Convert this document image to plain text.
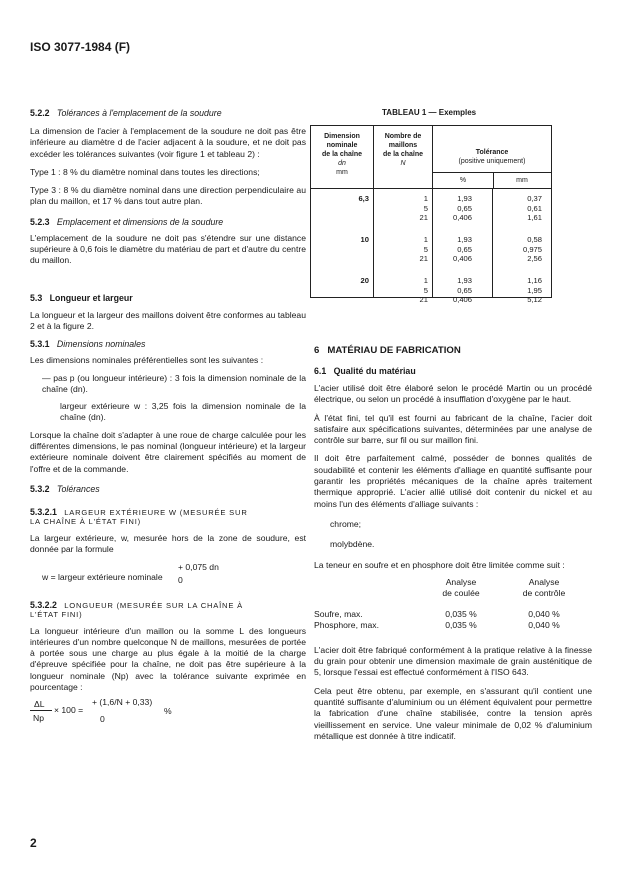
ISO 3077-1984 (F)
5.2.2 Tolérances à l'emplacement de la soudure

La dimension de l'acier à l'emplacement de la soudure ne doit pas être inférieure au diamètre d de l'acier adjacent à la soudure, et ne doit pas excéder les tolérances suivantes (voir figure 1 et tableau 2) :

Type 1 : 8 % du diamètre nominal dans toutes les directions;

Type 3 : 8 % du diamètre nominal dans une direction perpendiculaire au plan du maillon, et 17 % dans tout autre plan.

5.2.3 Emplacement et dimensions de la soudure

L'emplacement de la soudure ne doit pas s'étendre sur une distance supérieure à 0,6 fois le diamètre du matériau de part et d'autre du centre du maillon.

5.3 Longueur et largeur

La longueur et la largeur des maillons doivent être conformes au tableau 2 et à la figure 2.

5.3.1 Dimensions nominales

Les dimensions nominales préférentielles sont les suivantes :

— pas p (ou longueur intérieure) : 3 fois la dimension nominale de la chaîne (dn).

largeur extérieure w : 3,25 fois la dimension nominale de la chaîne (dn).

Lorsque la chaîne doit s'adapter à une roue de charge calculée pour les différentes dimensions, le pas nominal (longueur intérieure) et la largeur extérieure nominale doivent être clairement spécifiés au moment de l'offre et de la commande.

5.3.2 Tolérances
5.3.2.1 LARGEUR EXTÉRIEURE W (MESURÉE SUR
LA CHAÎNE À L'ÉTAT FINI)

La largeur extérieure, w, mesurée hors de la zone de soudure, est donnée par la formule

w = largeur extérieure nominale
+ 0,075 dn
0
5.3.2.2 LONGUEUR (MESURÉE SUR LA CHAÎNE À
L'ÉTAT FINI)

La longueur intérieure d'un maillon ou la somme L des longueurs intérieures d'un nombre quelconque N de maillons, mesurées de portée à portée sous une charge au plus égale à la moitié de la charge d'épreuve spécifiée pour la chaîne, ne doit pas être supérieure à la longueur nominale (Np) avec la tolérance suivante exprimée en pourcentage :

ΔL
Np
× 100 =
+ (1,6/N + 0,33)
0
%
TABLEAU 1 — Exemples
Dimension
nominale
de la chaîne
dn
mm
Nombre de
maillons
de la chaîne
N
Tolérance
(positive uniquement)
%	mm
6,3	1	1,93	0,37
5	0,65	0,61
21	0,406	1,61
10	1	1,93	0,58
5	0,65	0,975
21	0,406	2,56
20	1	1,93	1,16
5	0,65	1,95
21	0,406	5,12
6 MATÉRIAU DE FABRICATION
6.1 Qualité du matériau

L'acier utilisé doit être élaboré selon le procédé Martin ou un procédé électrique, ou selon un procédé à insufflation d'oxygène par le haut.

À l'état fini, tel qu'il est fourni au fabricant de la chaîne, l'acier doit satisfaire aux spécifications suivantes, déterminées par une analyse de contrôle sur barre, sur fil ou sur maillon fini.

Il doit être parfaitement calmé, posséder de bonnes qualités de soudabilité et contenir les éléments d'alliage en quantité suffisante pour garantir les propriétés mécaniques de la chaîne après traitement thermique approprié. L'acier allié utilisé doit contenir du nickel et au moins l'un des éléments d'alliage suivants :

chrome;

molybdène.

La teneur en soufre et en phosphore doit être limitée comme suit :

Analyse
de coulée
Analyse
de contrôle
Soufre, max.	0,035 %	0,040 %
Phosphore, max.	0,035 %	0,040 %

L'acier doit être fabriqué conformément à la pratique relative à la finesse du grain pour obtenir une dimension maximale de grain austénitique de 5, lorsque l'essai est effectué conformément à l'ISO 643.

Cela peut être obtenu, par exemple, en s'assurant qu'il contient une quantité suffisante d'aluminium ou un élément équivalent pour permettre la fabrication d'une chaîne stabilisée, contre la tension après vieillissement en service. Une valeur minimale de 0,02 % d'aluminium métallique est donnée à titre indicatif.

2
